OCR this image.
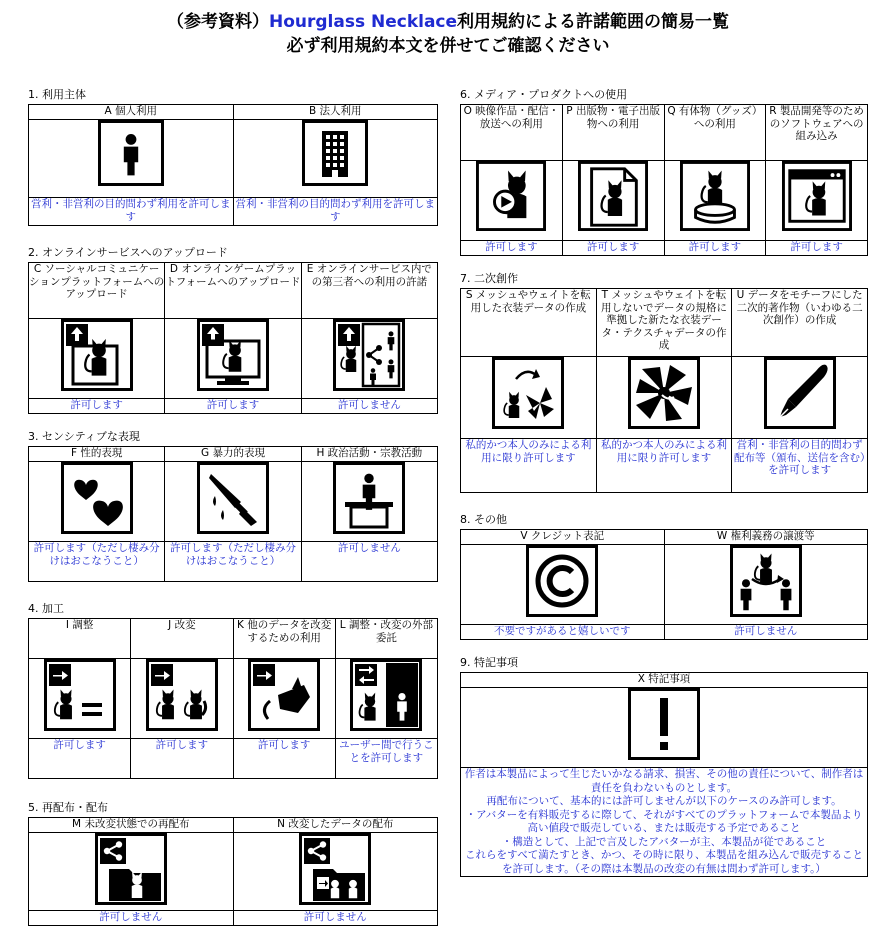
（参考資料）Hourglass Necklace利用規約による許諾範囲の簡易一覧
必ず利用規約本文を併せてご確認ください
1. 利用主体
A 個人利用	B 法人利用

営利・非営利の目的問わず利用を許可します	営利・非営利の目的問わず利用を許可します
2. オンラインサービスへのアップロード
C ソーシャルコミュニケーションプラットフォームへのアップロード	D オンラインゲームプラットフォームへのアップロード	E オンラインサービス内での第三者への利用の許諾

許可します	許可します	許可しません
3. センシティブな表現
F 性的表現	G 暴力的表現	H 政治活動・宗教活動

許可します（ただし棲み分けはおこなうこと）	許可します（ただし棲み分けはおこなうこと）	許可しません
4. 加工
I 調整	J 改変	K 他のデータを改変するための利用	L 調整・改変の外部委託

許可します	許可します	許可します	ユーザー間で行うことを許可します
5. 再配布・配布
M 未改変状態での再配布	N 改変したデータの配布

許可しません	許可しません
6. メディア・プロダクトへの使用
O 映像作品・配信・放送への利用	P 出版物・電子出版物への利用	Q 有体物（グッズ）への利用	R 製品開発等のためのソフトウェアへの組み込み

許可します	許可します	許可します	許可します
7. 二次創作
S メッシュやウェイトを転用した衣装データの作成	T メッシュやウェイトを転用しないでデータの規格に準拠した新たな衣装データ・テクスチャデータの作成	U データをモチーフにした二次的著作物（いわゆる二次創作）の作成

私的かつ本人のみによる利用に限り許可します	私的かつ本人のみによる利用に限り許可します	営利・非営利の目的問わず配布等（頒布、送信を含む）を許可します
8. その他
V クレジット表記	W 権利義務の譲渡等

不要ですがあると嬉しいです	許可しません
9. 特記事項
X 特記事項

作者は本製品によって生じたいかなる請求、損害、その他の責任について、制作者は責任を負わないものとします。
再配布について、基本的には許可しませんが以下のケースのみ許可します。
・アバターを有料販売するに際して、それがすべてのプラットフォームで本製品より高い値段で販売している、または販売する予定であること
・構造として、上記で言及したアバターが主、本製品が従であること
これらをすべて満たすとき、かつ、その時に限り、本製品を組み込んで販売することを許可します。（その際は本製品の改変の有無は問わず許可します。）
